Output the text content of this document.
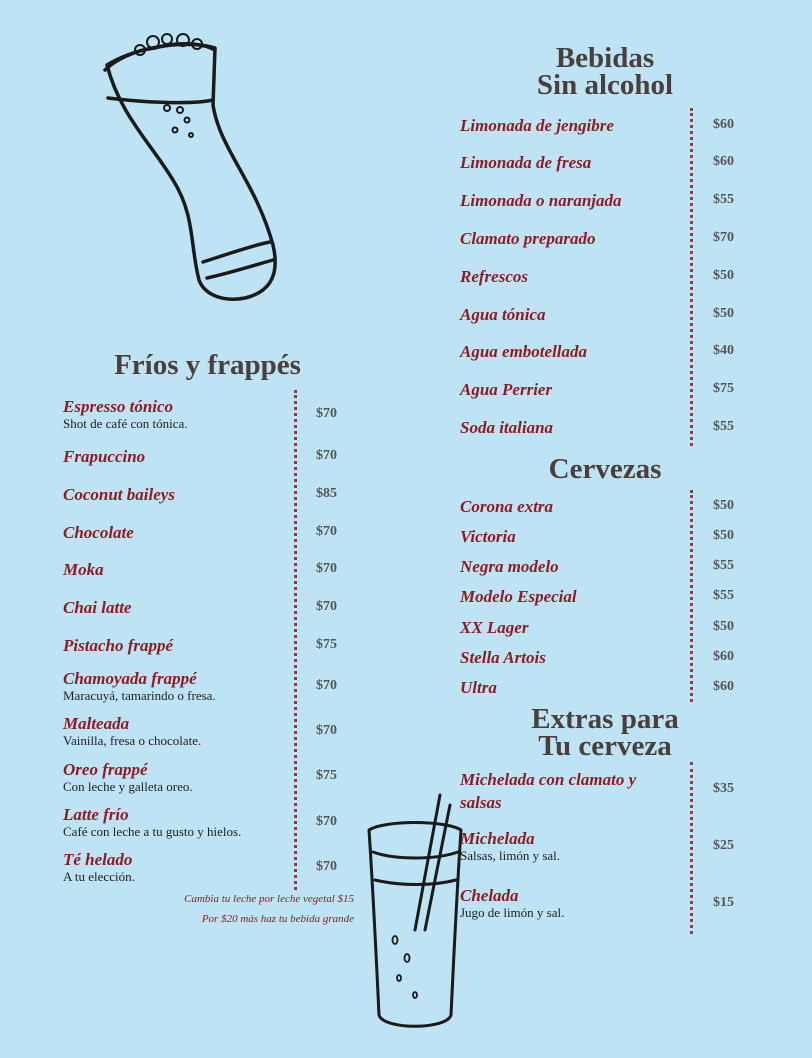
Bebidas
Sin alcohol
Limonada de jengibre	$60
Limonada de fresa	$60
Limonada o naranjada	$55
Clamato preparado	$70
Refrescos	$50
Agua tónica	$50
Agua embotellada	$40
Agua Perrier	$75
Soda italiana	$55
Cervezas
Corona extra	$50
Victoria	$50
Negra modelo	$55
Modelo Especial	$55
XX Lager	$50
Stella Artois	$60
Ultra	$60
Extras para
Tu cerveza
Michelada con clamato y
salsas
$35
Michelada
Salsas, limón y sal.
$25
Chelada
Jugo de limón y sal.
$15
Fríos y frappés
Espresso tónico
Shot de café con tónica.
$70
Frapuccino	$70
Coconut baileys	$85
Chocolate	$70
Moka	$70
Chai latte	$70
Pistacho frappé	$75
Chamoyada frappé
Maracuyá, tamarindo o fresa.
$70
Malteada
Vainilla, fresa o chocolate.
$70
Oreo frappé
Con leche y galleta oreo.
$75
Latte frío
Café con leche a tu gusto y hielos.
$70
Té helado
A tu elección.
$70
Cambia tu leche por leche vegetal $15
Por $20 más haz tu bebida grande
